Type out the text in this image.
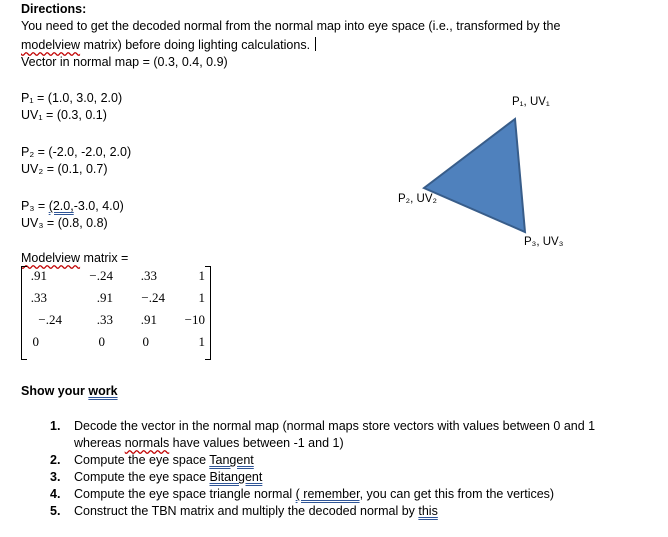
Directions:
You need to get the decoded normal from the normal map into eye space (i.e., transformed by the
modelview matrix) before doing lighting calculations.
Vector in normal map = (0.3, 0.4, 0.9)
P₁ = (1.0, 3.0, 2.0)
UV₁ = (0.3, 0.1)
P₂ = (-2.0, -2.0, 2.0)
UV₂ = (0.1, 0.7)
P₃ = (2.0,-3.0, 4.0)
UV₃ = (0.8, 0.8)
P₁, UV₁
P₂, UV₂
P₃, UV₃
Modelview matrix =
.91	−.24	.33	1
.33	.91	−.24	1
−.24	.33	.91	−10
0	0	0	1
Show your work
1. Decode the vector in the normal map (normal maps store vectors with values between 0 and 1
whereas normals have values between -1 and 1)
2. Compute the eye space Tangent
3. Compute the eye space Bitangent
4. Compute the eye space triangle normal ( remember, you can get this from the vertices)
5. Construct the TBN matrix and multiply the decoded normal by this
